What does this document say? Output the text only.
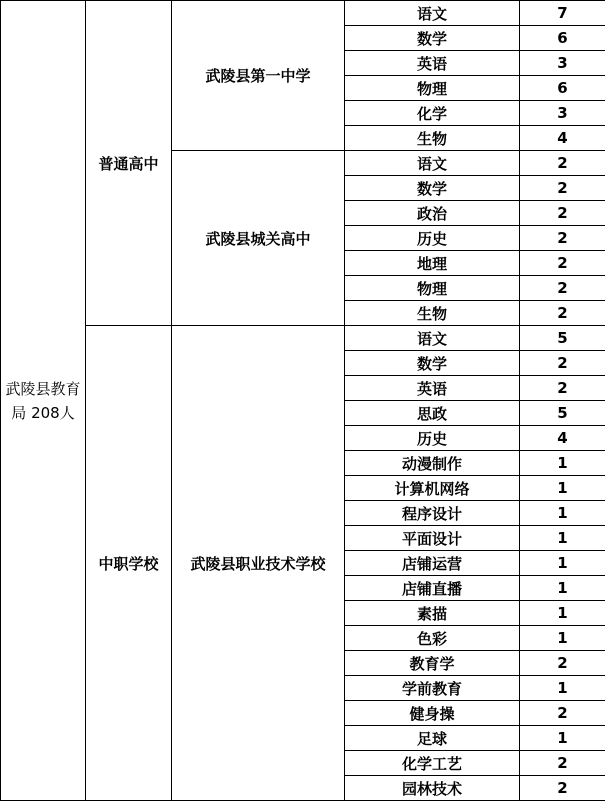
武陵县教育局 208人	普通高中	武陵县第一中学	语文	7
			数学	6
			英语	3
			物理	6
			化学	3
			生物	4
		武陵县城关高中	语文	2
			数学	2
			政治	2
			历史	2
			地理	2
			物理	2
			生物	2
	中职学校	武陵县职业技术学校	语文	5
			数学	2
			英语	2
			思政	5
			历史	4
			动漫制作	1
			计算机网络	1
			程序设计	1
			平面设计	1
			店铺运营	1
			店铺直播	1
			素描	1
			色彩	1
			教育学	2
			学前教育	1
			健身操	2
			足球	1
			化学工艺	2
			园林技术	2
